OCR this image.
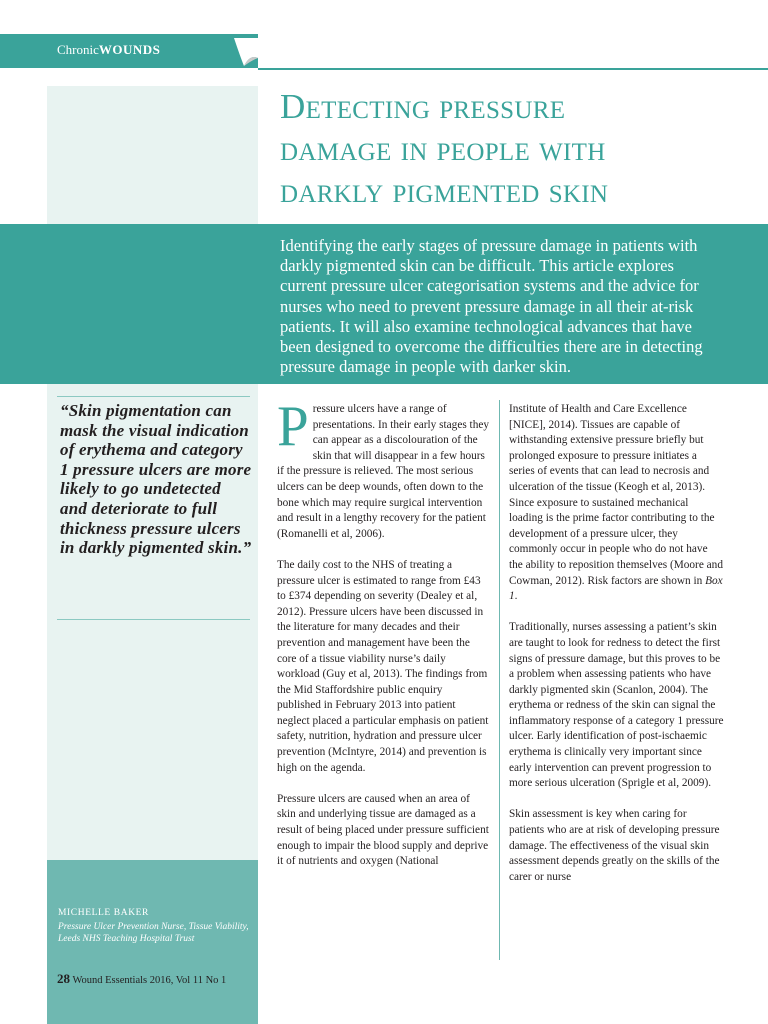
ChronicWOUNDS
Detecting pressure
damage in people with
darkly pigmented skin
Identifying the early stages of pressure damage in patients with darkly pigmented skin can be difficult. This article explores current pressure ulcer categorisation systems and the advice for nurses who need to prevent pressure damage in all their at-risk patients. It will also examine technological advances that have been designed to overcome the difficulties there are in detecting pressure damage in people with darker skin.
“Skin pigmentation can mask the visual indication of erythema and category 1 pressure ulcers are more likely to go undetected and deteriorate to full thickness pressure ulcers in darkly pigmented skin.”
MICHELLE BAKER
Pressure Ulcer Prevention Nurse, Tissue Viability, Leeds NHS Teaching Hospital Trust
28 Wound Essentials 2016, Vol 11 No 1

Pressure ulcers have a range of presentations. In their early stages they can appear as a discolouration of the skin that will disappear in a few hours if the pressure is relieved. The most serious ulcers can be deep wounds, often down to the bone which may require surgical intervention and result in a lengthy recovery for the patient (Romanelli et al, 2006).

The daily cost to the NHS of treating a pressure ulcer is estimated to range from £43 to £374 depending on severity (Dealey et al, 2012). Pressure ulcers have been discussed in the literature for many decades and their prevention and management have been the core of a tissue viability nurse’s daily workload (Guy et al, 2013). The findings from the Mid Staffordshire public enquiry published in February 2013 into patient neglect placed a particular emphasis on patient safety, nutrition, hydration and pressure ulcer prevention (McIntyre, 2014) and prevention is high on the agenda.

Pressure ulcers are caused when an area of skin and underlying tissue are damaged as a result of being placed under pressure sufficient enough to impair the blood supply and deprive it of nutrients and oxygen (National

Institute of Health and Care Excellence [NICE], 2014). Tissues are capable of withstanding extensive pressure briefly but prolonged exposure to pressure initiates a series of events that can lead to necrosis and ulceration of the tissue (Keogh et al, 2013). Since exposure to sustained mechanical loading is the prime factor contributing to the development of a pressure ulcer, they commonly occur in people who do not have the ability to reposition themselves (Moore and Cowman, 2012). Risk factors are shown in Box 1.

Traditionally, nurses assessing a patient’s skin are taught to look for redness to detect the first signs of pressure damage, but this proves to be a problem when assessing patients who have darkly pigmented skin (Scanlon, 2004). The erythema or redness of the skin can signal the inflammatory response of a category 1 pressure ulcer. Early identification of post-ischaemic erythema is clinically very important since early intervention can prevent progression to more serious ulceration (Sprigle et al, 2009).

Skin assessment is key when caring for patients who are at risk of developing pressure damage. The effectiveness of the visual skin assessment depends greatly on the skills of the carer or nurse
